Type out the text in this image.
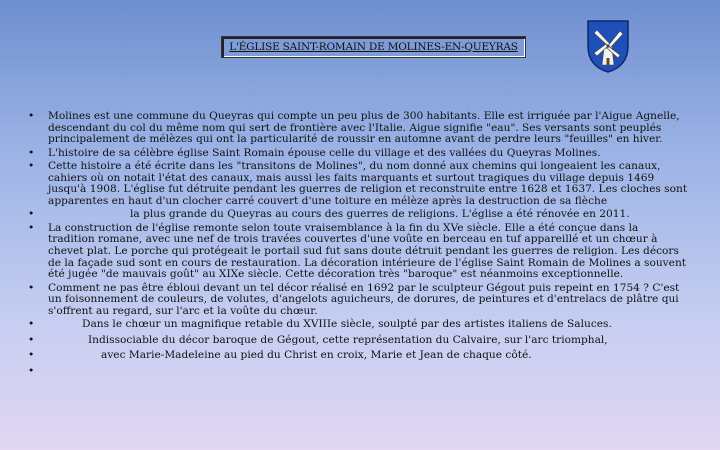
L'ÉGLISE SAINT-ROMAIN DE MOLINES-EN-QUEYRAS
•	Molines est une commune du Queyras qui compte un peu plus de 300 habitants. Elle est irriguée par l'Aigue Agnelle, descendant du col du même nom qui sert de frontière avec l'Italie. Aigue signifie "eau". Ses versants sont peuplés principalement de mélèzes qui ont la particularité de roussir en automne avant de perdre leurs "feuilles" en hiver.
•	L'histoire de sa célèbre église Saint Romain épouse celle du village et des vallées du Queyras Molines.
•	Cette histoire a été écrite dans les "transitons de Molines", du nom donné aux chemins qui longeaient les canaux, cahiers où on notait l'état des canaux, mais aussi les faits marquants et surtout tragiques du village depuis 1469 jusqu'à 1908. L'église fut détruite pendant les guerres de religion et reconstruite entre 1628 et 1637. Les cloches sont apparentes en haut d'un clocher carré couvert d'une toiture en mélèze après la destruction de sa flèche
•	la plus grande du Queyras au cours des guerres de religions. L'église a été rénovée en 2011.
•	La construction de l'église remonte selon toute vraisemblance à la fin du XVe siècle. Elle a été conçue dans la tradition romane, avec une nef de trois travées couvertes d'une voûte en berceau en tuf appareillé et un chœur à chevet plat. Le porche qui protégeait le portail sud fut sans doute détruit pendant les guerres de religion. Les décors de la façade sud sont en cours de restauration. La décoration intérieure de l'église Saint Romain de Molines a souvent été jugée "de mauvais goût" au XIXe siècle. Cette décoration très "baroque" est néanmoins exceptionnelle.
•	Comment ne pas être ébloui devant un tel décor réalisé en 1692 par le sculpteur Gégout puis repeint en 1754 ? C'est un foisonnement de couleurs, de volutes, d'angelots aguicheurs, de dorures, de peintures et d'entrelacs de plâtre qui s'offrent au regard, sur l'arc et la voûte du chœur.
•	Dans le chœur un magnifique retable du XVIIIe siècle, soulpté par des artistes italiens de Saluces.
•	Indissociable du décor baroque de Gégout, cette représentation du Calvaire, sur l'arc triomphal,
•	avec Marie-Madeleine au pied du Christ en croix, Marie et Jean de chaque côté.
•
